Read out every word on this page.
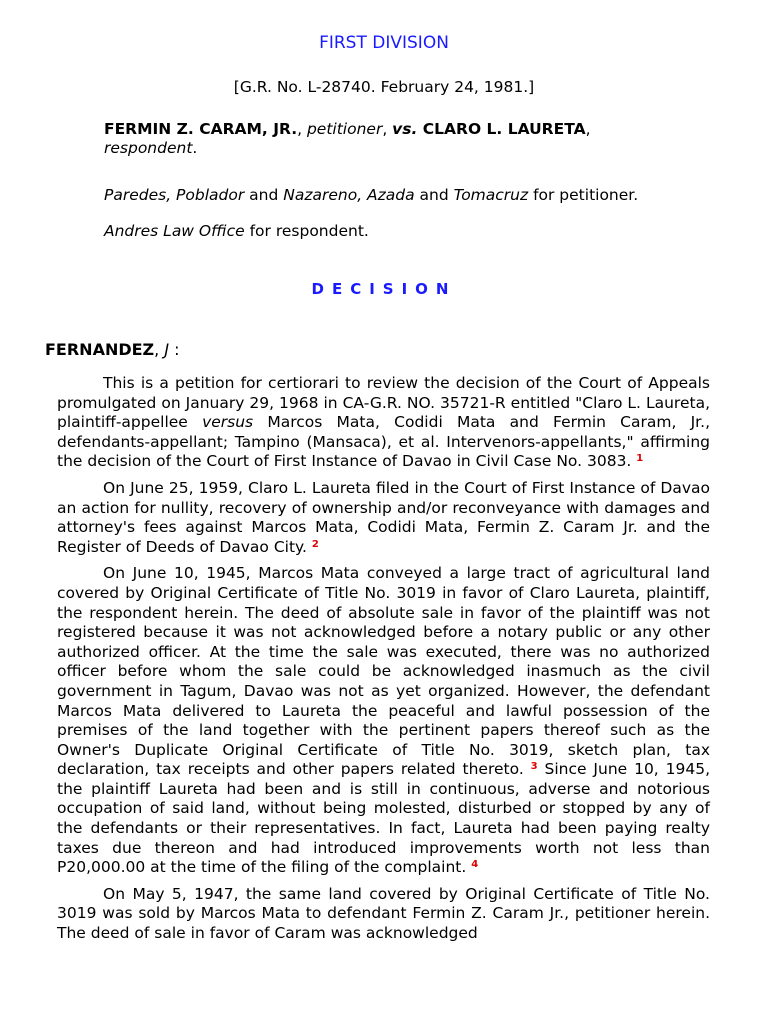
FIRST DIVISION
[G.R. No. L-28740. February 24, 1981.]
FERMIN Z. CARAM, JR., petitioner, vs. CLARO L. LAURETA,
respondent.
Paredes, Poblador and Nazareno, Azada and Tomacruz for petitioner.
Andres Law Office for respondent.
DECISION
FERNANDEZ, J :

This is a petition for certiorari to review the decision of the Court of Appeals promulgated on January 29, 1968 in CA-G.R. NO. 35721-R entitled "Claro L. Laureta, plaintiff-appellee versus Marcos Mata, Codidi Mata and Fermin Caram, Jr., defendants-appellant; Tampino (Mansaca), et al. Intervenors-appellants," affirming the decision of the Court of First Instance of Davao in Civil Case No. 3083. $^1$

On June 25, 1959, Claro L. Laureta filed in the Court of First Instance of Davao an action for nullity, recovery of ownership and/or reconveyance with damages and attorney's fees against Marcos Mata, Codidi Mata, Fermin Z. Caram Jr. and the Register of Deeds of Davao City. $^2$

On June 10, 1945, Marcos Mata conveyed a large tract of agricultural land covered by Original Certificate of Title No. 3019 in favor of Claro Laureta, plaintiff, the respondent herein. The deed of absolute sale in favor of the plaintiff was not registered because it was not acknowledged before a notary public or any other authorized officer. At the time the sale was executed, there was no authorized officer before whom the sale could be acknowledged inasmuch as the civil government in Tagum, Davao was not as yet organized. However, the defendant Marcos Mata delivered to Laureta the peaceful and lawful possession of the premises of the land together with the pertinent papers thereof such as the Owner's Duplicate Original Certificate of Title No. 3019, sketch plan, tax declaration, tax receipts and other papers related thereto. $^3$ Since June 10, 1945, the plaintiff Laureta had been and is still in continuous, adverse and notorious occupation of said land, without being molested, disturbed or stopped by any of the defendants or their representatives. In fact, Laureta had been paying realty taxes due thereon and had introduced improvements worth not less than P20,000.00 at the time of the filing of the complaint. $^4$

On May 5, 1947, the same land covered by Original Certificate of Title No. 3019 was sold by Marcos Mata to defendant Fermin Z. Caram Jr., petitioner herein. The deed of sale in favor of Caram was acknowledged
